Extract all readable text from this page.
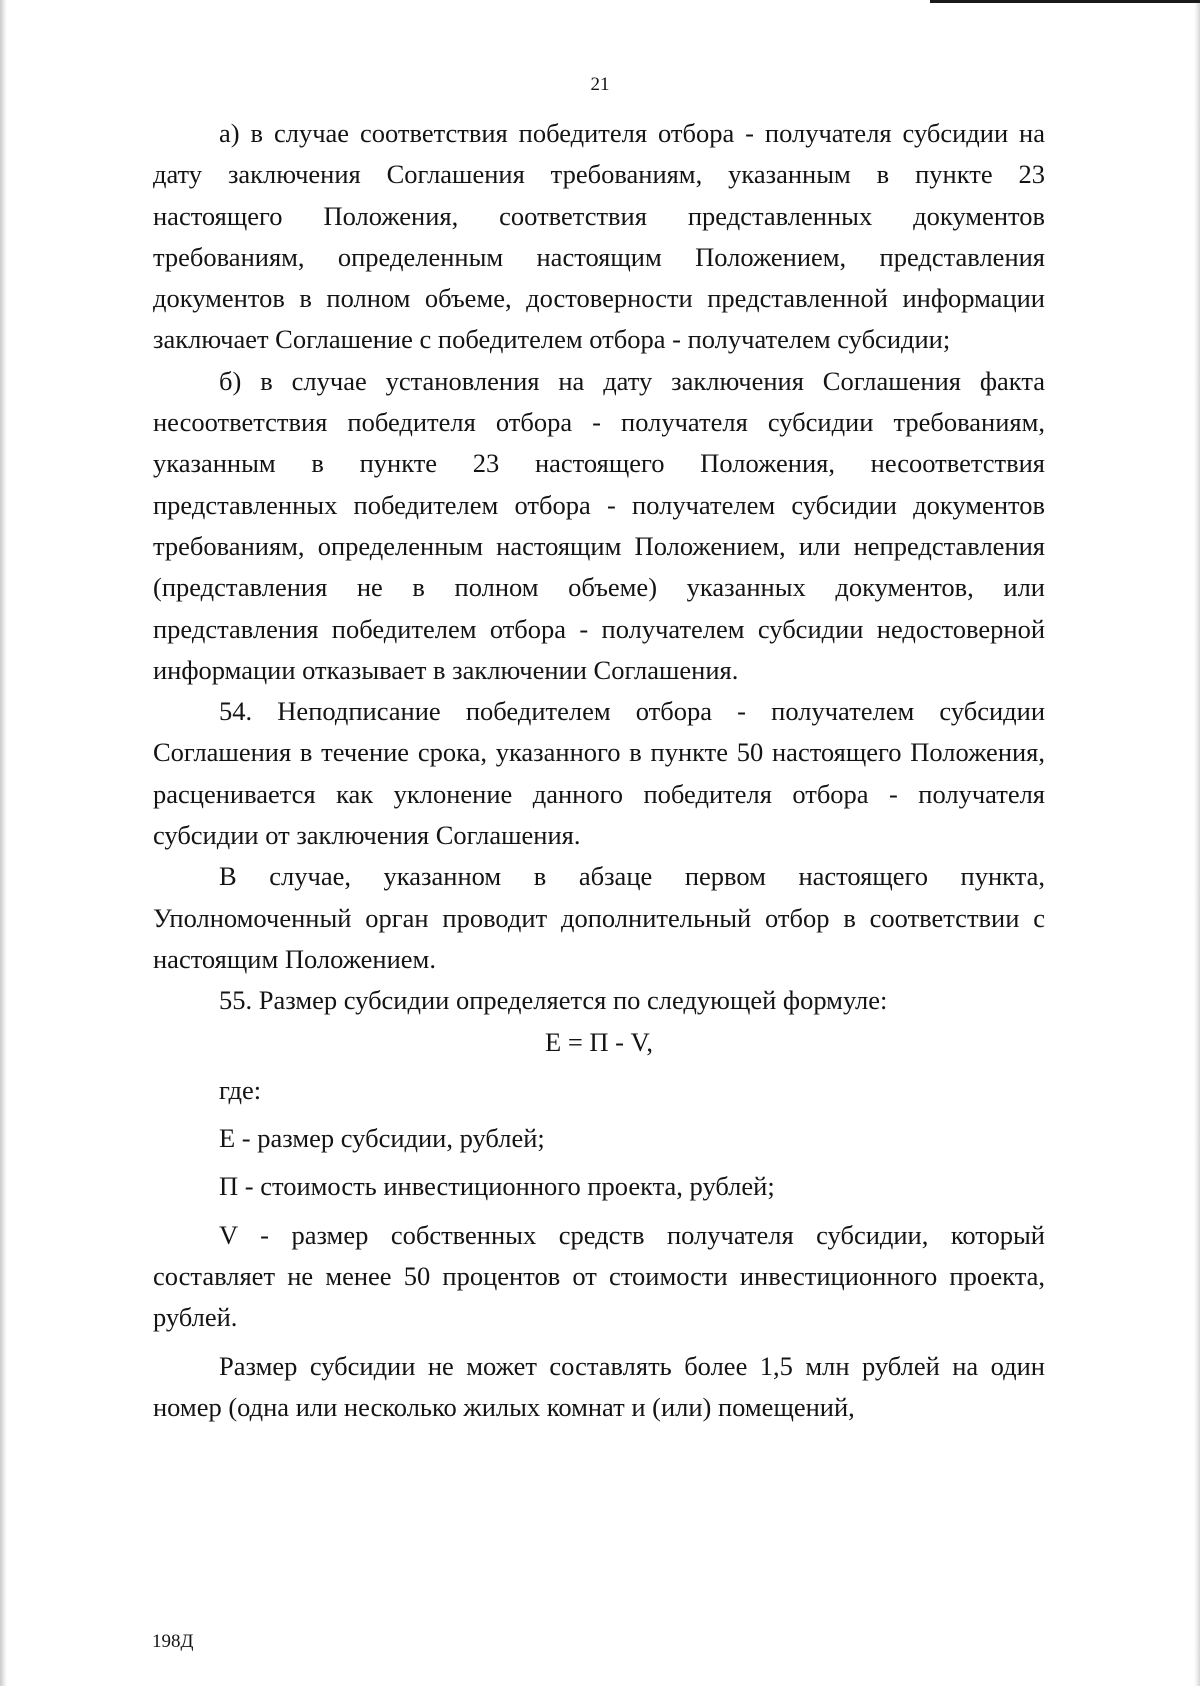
21

а) в случае соответствия победителя отбора - получателя субсидии на дату заключения Соглашения требованиям, указанным в пункте 23 настоящего Положения, соответствия представленных документов требованиям, определенным настоящим Положением, представления документов в полном объеме, достоверности представленной информации заключает Соглашение с победителем отбора - получателем субсидии;

б) в случае установления на дату заключения Соглашения факта несоответствия победителя отбора - получателя субсидии требованиям, указанным в пункте 23 настоящего Положения, несоответствия представленных победителем отбора - получателем субсидии документов требованиям, определенным настоящим Положением, или непредставления (представления не в полном объеме) указанных документов, или представления победителем отбора - получателем субсидии недостоверной информации отказывает в заключении Соглашения.

54. Неподписание победителем отбора - получателем субсидии Соглашения в течение срока, указанного в пункте 50 настоящего Положения, расценивается как уклонение данного победителя отбора - получателя субсидии от заключения Соглашения.

В случае, указанном в абзаце первом настоящего пункта, Уполномоченный орган проводит дополнительный отбор в соответствии с настоящим Положением.

55. Размер субсидии определяется по следующей формуле:

Е = П - V,

где:

Е - размер субсидии, рублей;

П - стоимость инвестиционного проекта, рублей;

V - размер собственных средств получателя субсидии, который составляет не менее 50 процентов от стоимости инвестиционного проекта, рублей.

Размер субсидии не может составлять более 1,5 млн рублей на один номер (одна или несколько жилых комнат и (или) помещений,

198Д
